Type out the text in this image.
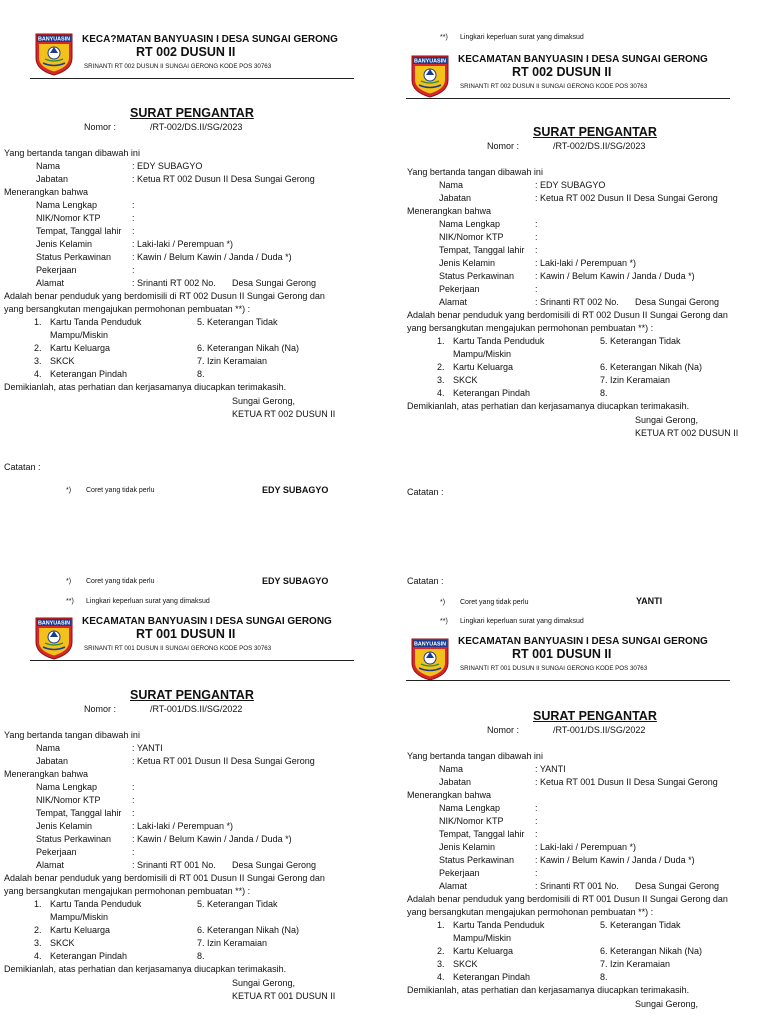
BANYUASIN KECA?MATAN BANYUASIN I DESA SUNGAI GERONG
RT 002 DUSUN II
SRINANTI RT 002 DUSUN II SUNGAI GERONG KODE POS 30763
SURAT PENGANTAR
Nomor :	/RT-002/DS.II/SG/2023
Yang bertanda tangan dibawah ini
Nama	: EDY SUBAGYO
Jabatan	: Ketua RT 002 Dusun II Desa Sungai Gerong
Menerangkan bahwa
Nama Lengkap	:
NIK/Nomor KTP	:
Tempat, Tanggal lahir :
Jenis Kelamin	: Laki-laki / Perempuan *)
Status Perkawinan : Kawin / Belum Kawin / Janda / Duda *)
Pekerjaan	:
Alamat	: Srinanti RT 002 No. Desa Sungai Gerong
Adalah benar penduduk yang berdomisili di RT 002 Dusun II Sungai Gerong dan
yang bersangkutan mengajukan permohonan pembuatan **) :
1. Kartu Tanda Penduduk	5. Keterangan Tidak
Mampu/Miskin
2. Kartu Keluarga	6. Keterangan Nikah (Na)
3. SKCK	7. Izin Keramaian
4. Keterangan Pindah	8.
Demikianlah, atas perhatian dan kerjasamanya diucapkan terimakasih.
Sungai Gerong,
KETUA RT 002 DUSUN II
Catatan :
*) Coret yang tidak perlu	EDY SUBAGYO
**) Lingkari keperluan surat yang dimaksud
BANYUASIN KECAMATAN BANYUASIN I DESA SUNGAI GERONG
RT 002 DUSUN II
SRINANTI RT 002 DUSUN II SUNGAI GERONG KODE POS 30763
SURAT PENGANTAR
Nomor :	/RT-002/DS.II/SG/2023
Yang bertanda tangan dibawah ini
Nama	: EDY SUBAGYO
Jabatan	: Ketua RT 002 Dusun II Desa Sungai Gerong
Menerangkan bahwa
Nama Lengkap	:
NIK/Nomor KTP	:
Tempat, Tanggal lahir :
Jenis Kelamin	: Laki-laki / Perempuan *)
Status Perkawinan : Kawin / Belum Kawin / Janda / Duda *)
Pekerjaan	:
Alamat	: Srinanti RT 002 No. Desa Sungai Gerong
Adalah benar penduduk yang berdomisili di RT 002 Dusun II Sungai Gerong dan
yang bersangkutan mengajukan permohonan pembuatan **) :
1. Kartu Tanda Penduduk	5. Keterangan Tidak
Mampu/Miskin
2. Kartu Keluarga	6. Keterangan Nikah (Na)
3. SKCK	7. Izin Keramaian
4. Keterangan Pindah	8.
Demikianlah, atas perhatian dan kerjasamanya diucapkan terimakasih.
Sungai Gerong,
KETUA RT 002 DUSUN II
Catatan :
*) Coret yang tidak perlu	EDY SUBAGYO
**) Lingkari keperluan surat yang dimaksud
Catatan :
*) Coret yang tidak perlu	YANTI
**) Lingkari keperluan surat yang dimaksud
BANYUASIN KECAMATAN BANYUASIN I DESA SUNGAI GERONG
RT 001 DUSUN II
SRINANTI RT 001 DUSUN II SUNGAI GERONG KODE POS 30763
SURAT PENGANTAR
Nomor :	/RT-001/DS.II/SG/2022
Yang bertanda tangan dibawah ini
Nama	: YANTI
Jabatan	: Ketua RT 001 Dusun II Desa Sungai Gerong
Menerangkan bahwa
Nama Lengkap	:
NIK/Nomor KTP	:
Tempat, Tanggal lahir :
Jenis Kelamin	: Laki-laki / Perempuan *)
Status Perkawinan : Kawin / Belum Kawin / Janda / Duda *)
Pekerjaan	:
Alamat	: Srinanti RT 001 No. Desa Sungai Gerong
Adalah benar penduduk yang berdomisili di RT 001 Dusun II Sungai Gerong dan
yang bersangkutan mengajukan permohonan pembuatan **) :
1. Kartu Tanda Penduduk	5. Keterangan Tidak
Mampu/Miskin
2. Kartu Keluarga	6. Keterangan Nikah (Na)
3. SKCK	7. Izin Keramaian
4. Keterangan Pindah	8.
Demikianlah, atas perhatian dan kerjasamanya diucapkan terimakasih.
Sungai Gerong,
KETUA RT 001 DUSUN II
BANYUASIN KECAMATAN BANYUASIN I DESA SUNGAI GERONG
RT 001 DUSUN II
SRINANTI RT 001 DUSUN II SUNGAI GERONG KODE POS 30763
SURAT PENGANTAR
Nomor :	/RT-001/DS.II/SG/2022
Yang bertanda tangan dibawah ini
Nama	: YANTI
Jabatan	: Ketua RT 001 Dusun II Desa Sungai Gerong
Menerangkan bahwa
Nama Lengkap	:
NIK/Nomor KTP	:
Tempat, Tanggal lahir :
Jenis Kelamin	: Laki-laki / Perempuan *)
Status Perkawinan : Kawin / Belum Kawin / Janda / Duda *)
Pekerjaan	:
Alamat	: Srinanti RT 001 No. Desa Sungai Gerong
Adalah benar penduduk yang berdomisili di RT 001 Dusun II Sungai Gerong dan
yang bersangkutan mengajukan permohonan pembuatan **) :
1. Kartu Tanda Penduduk	5. Keterangan Tidak
Mampu/Miskin
2. Kartu Keluarga	6. Keterangan Nikah (Na)
3. SKCK	7. Izin Keramaian
4. Keterangan Pindah	8.
Demikianlah, atas perhatian dan kerjasamanya diucapkan terimakasih.
Sungai Gerong,
